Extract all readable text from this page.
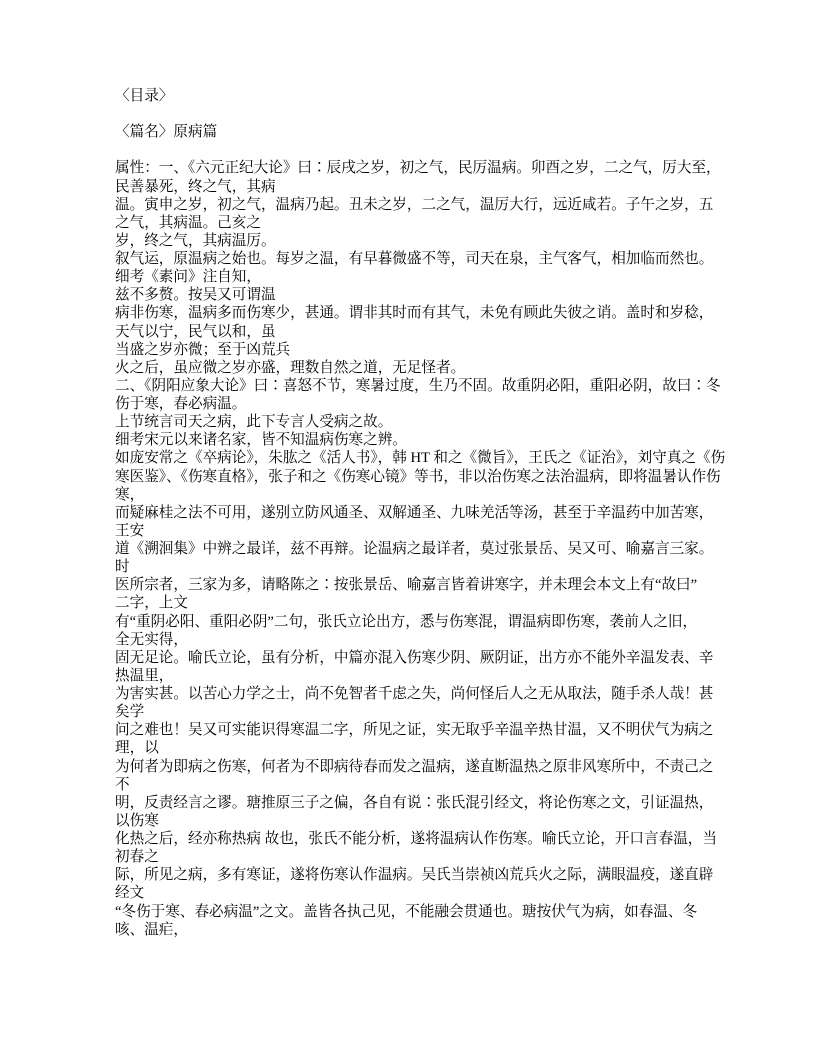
〈目录〉
〈篇名〉原病篇
属性：一、《六元正纪大论》曰∶辰戌之岁，初之气，民厉温病。卯酉之岁，二之气，厉大至，
民善暴死，终之气，其病
温。寅申之岁，初之气，温病乃起。丑未之岁，二之气，温厉大行，远近咸若。子午之岁，五
之气，其病温。己亥之
岁，终之气，其病温厉。
叙气运，原温病之始也。每岁之温，有早暮微盛不等，司天在泉，主气客气，相加临而然也。
细考《素问》注自知，
兹不多赘。按吴又可谓温
病非伤寒，温病多而伤寒少，甚通。谓非其时而有其气，未免有顾此失彼之诮。盖时和岁稔，
天气以宁，民气以和，虽
当盛之岁亦微；至于凶荒兵
火之后，虽应微之岁亦盛，理数自然之道，无足怪者。
二、《阴阳应象大论》曰∶喜怒不节，寒暑过度，生乃不固。故重阴必阳，重阳必阴，故曰∶冬
伤于寒，春必病温。
上节统言司天之病，此下专言人受病之故。
细考宋元以来诸名家，皆不知温病伤寒之辨。
如庞安常之《卒病论》，朱肱之《活人书》，韩 HT 和之《微旨》，王氏之《证治》，刘守真之《伤
寒医鉴》、《伤寒直格》，张子和之《伤寒心镜》等书，非以治伤寒之法治温病，即将温暑认作伤
寒，
而疑麻桂之法不可用，遂别立防风通圣、双解通圣、九味羌活等汤，甚至于辛温药中加苦寒，
王安
道《溯洄集》中辨之最详，兹不再辩。论温病之最详者，莫过张景岳、吴又可、喻嘉言三家。
时
医所宗者，三家为多，请略陈之∶按张景岳、喻嘉言皆着讲寒字，并未理会本文上有“故曰”
二字，上文
有“重阴必阳、重阳必阴”二句，张氏立论出方，悉与伤寒混，谓温病即伤寒，袭前人之旧，
全无实得，
固无足论。喻氏立论，虽有分析，中篇亦混入伤寒少阴、厥阴证，出方亦不能外辛温发表、辛
热温里，
为害实甚。以苦心力学之士，尚不免智者千虑之失，尚何怪后人之无从取法，随手杀人哉！甚
矣学
问之难也！吴又可实能识得寒温二字，所见之证，实无取乎辛温辛热甘温，又不明伏气为病之
理，以
为何者为即病之伤寒，何者为不即病待春而发之温病，遂直断温热之原非风寒所中，不责己之
不
明，反责经言之谬。瑭推原三子之偏，各自有说∶张氏混引经文，将论伤寒之文，引证温热，
以伤寒
化热之后，经亦称热病 故也，张氏不能分析，遂将温病认作伤寒。喻氏立论，开口言春温，当
初春之
际，所见之病，多有寒证，遂将伤寒认作温病。吴氏当崇祯凶荒兵火之际，满眼温疫，遂直辟
经文
“冬伤于寒、春必病温”之文。盖皆各执己见，不能融会贯通也。瑭按伏气为病，如春温、冬
咳、温疟，
